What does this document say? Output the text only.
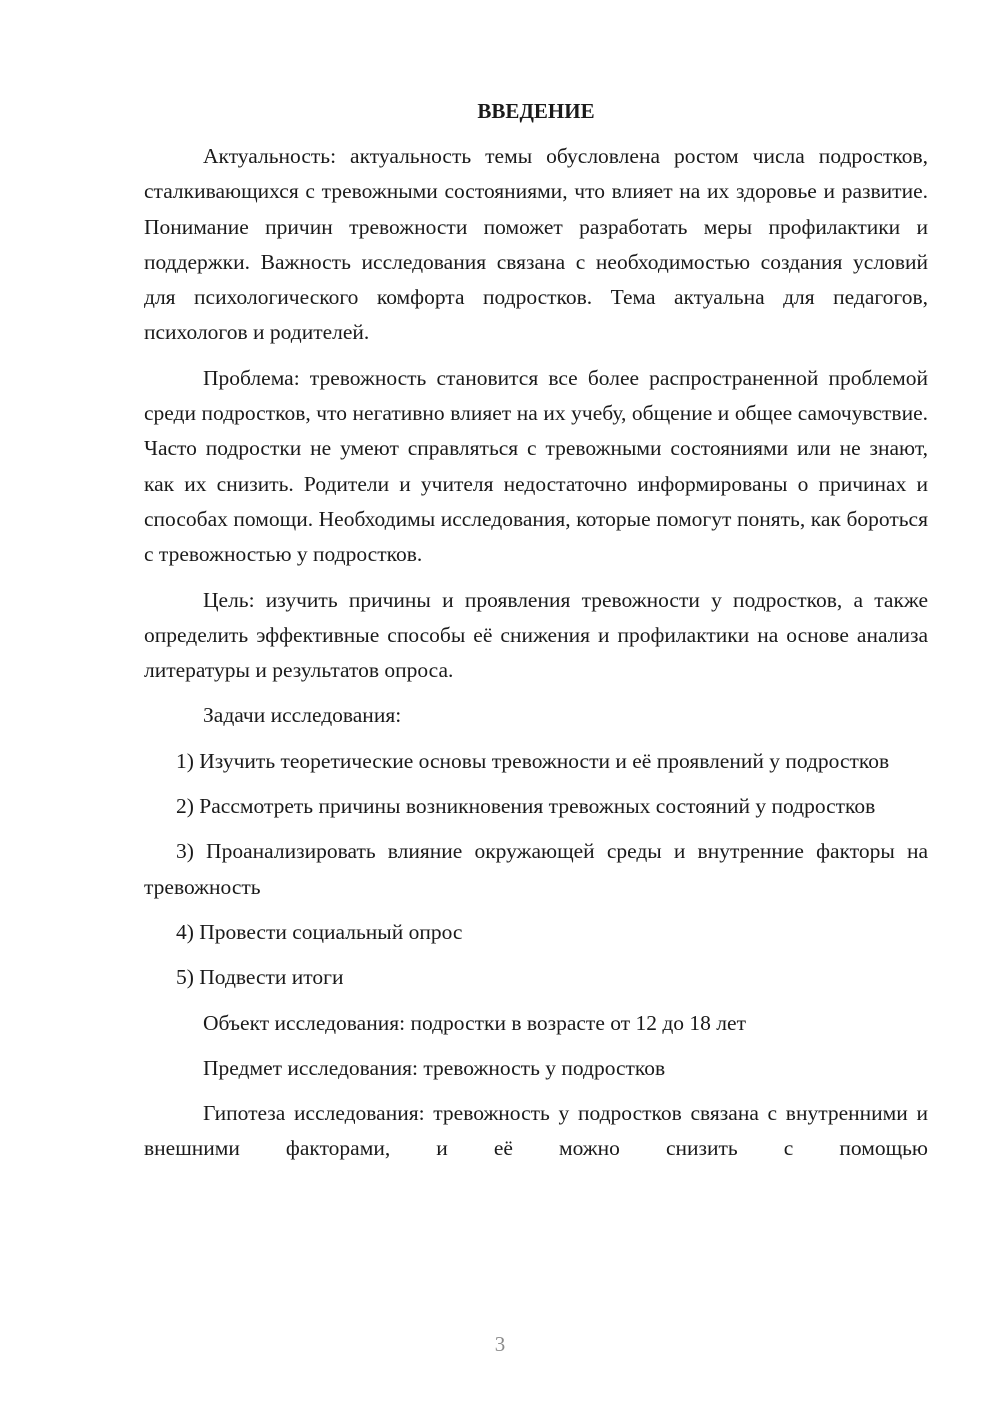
ВВЕДЕНИЕ

Актуальность: актуальность темы обусловлена ростом числа подростков, сталкивающихся с тревожными состояниями, что влияет на их здоровье и развитие. Понимание причин тревожности поможет разработать меры профилактики и поддержки. Важность исследования связана с необходимостью создания условий для психологического комфорта подростков. Тема актуальна для педагогов, психологов и родителей.

Проблема: тревожность становится все более распространенной проблемой среди подростков, что негативно влияет на их учебу, общение и общее самочувствие. Часто подростки не умеют справляться с тревожными состояниями или не знают, как их снизить. Родители и учителя недостаточно информированы о причинах и способах помощи. Необходимы исследования, которые помогут понять, как бороться с тревожностью у подростков.

Цель: изучить причины и проявления тревожности у подростков, а также определить эффективные способы её снижения и профилактики на основе анализа литературы и результатов опроса.

Задачи исследования:

1) Изучить теоретические основы тревожности и её проявлений у подростков

2) Рассмотреть причины возникновения тревожных состояний у подростков

3) Проанализировать влияние окружающей среды и внутренние факторы на тревожность

4) Провести социальный опрос

5) Подвести итоги

Объект исследования: подростки в возрасте от 12 до 18 лет

Предмет исследования: тревожность у подростков

Гипотеза исследования: тревожность у подростков связана с внутренними и внешними факторами, и её можно снизить с помощью

3
